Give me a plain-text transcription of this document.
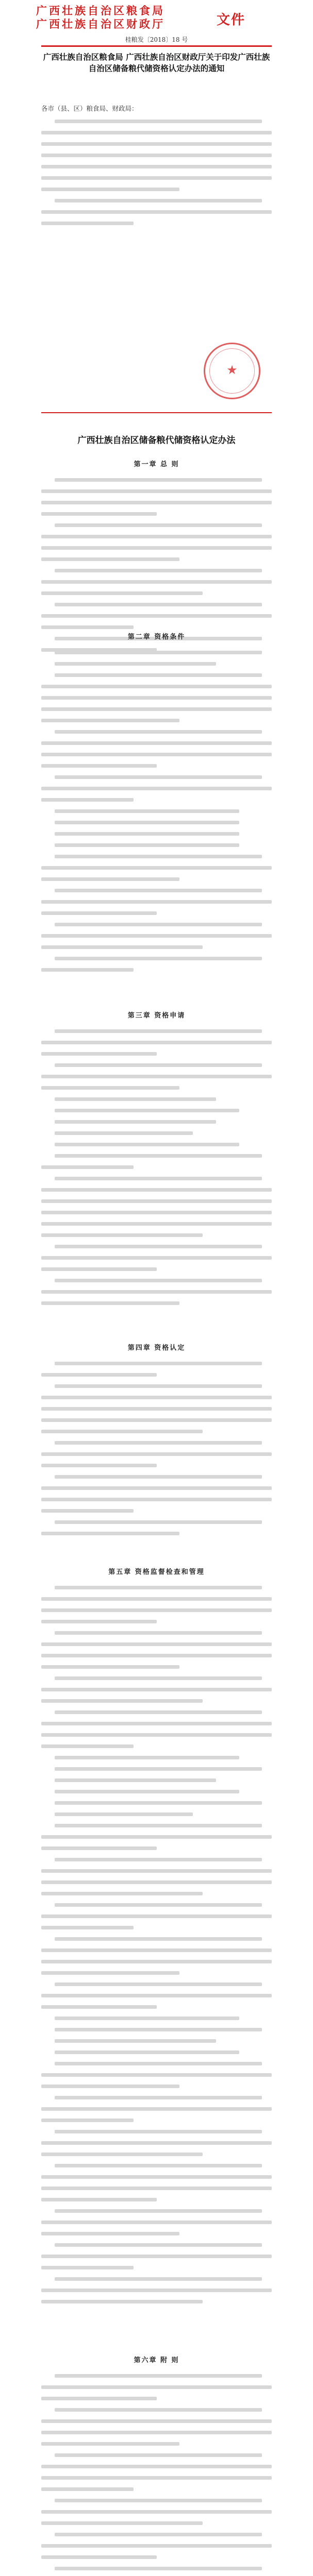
广西壮族自治区粮食局
广西壮族自治区财政厅	文件
桂粮发〔2018〕18 号
广西壮族自治区粮食局 广西壮族自治区财政厅关于印发广西壮族自治区储备粮代储资格认定办法的通知
各市（县、区）粮食局、财政局：
★
广西壮族自治区储备粮代储资格认定办法
第一章 总 则
第二章 资格条件
第三章 资格申请
第四章 资格认定
第五章 资格监督检查和管理
第六章 附 则
